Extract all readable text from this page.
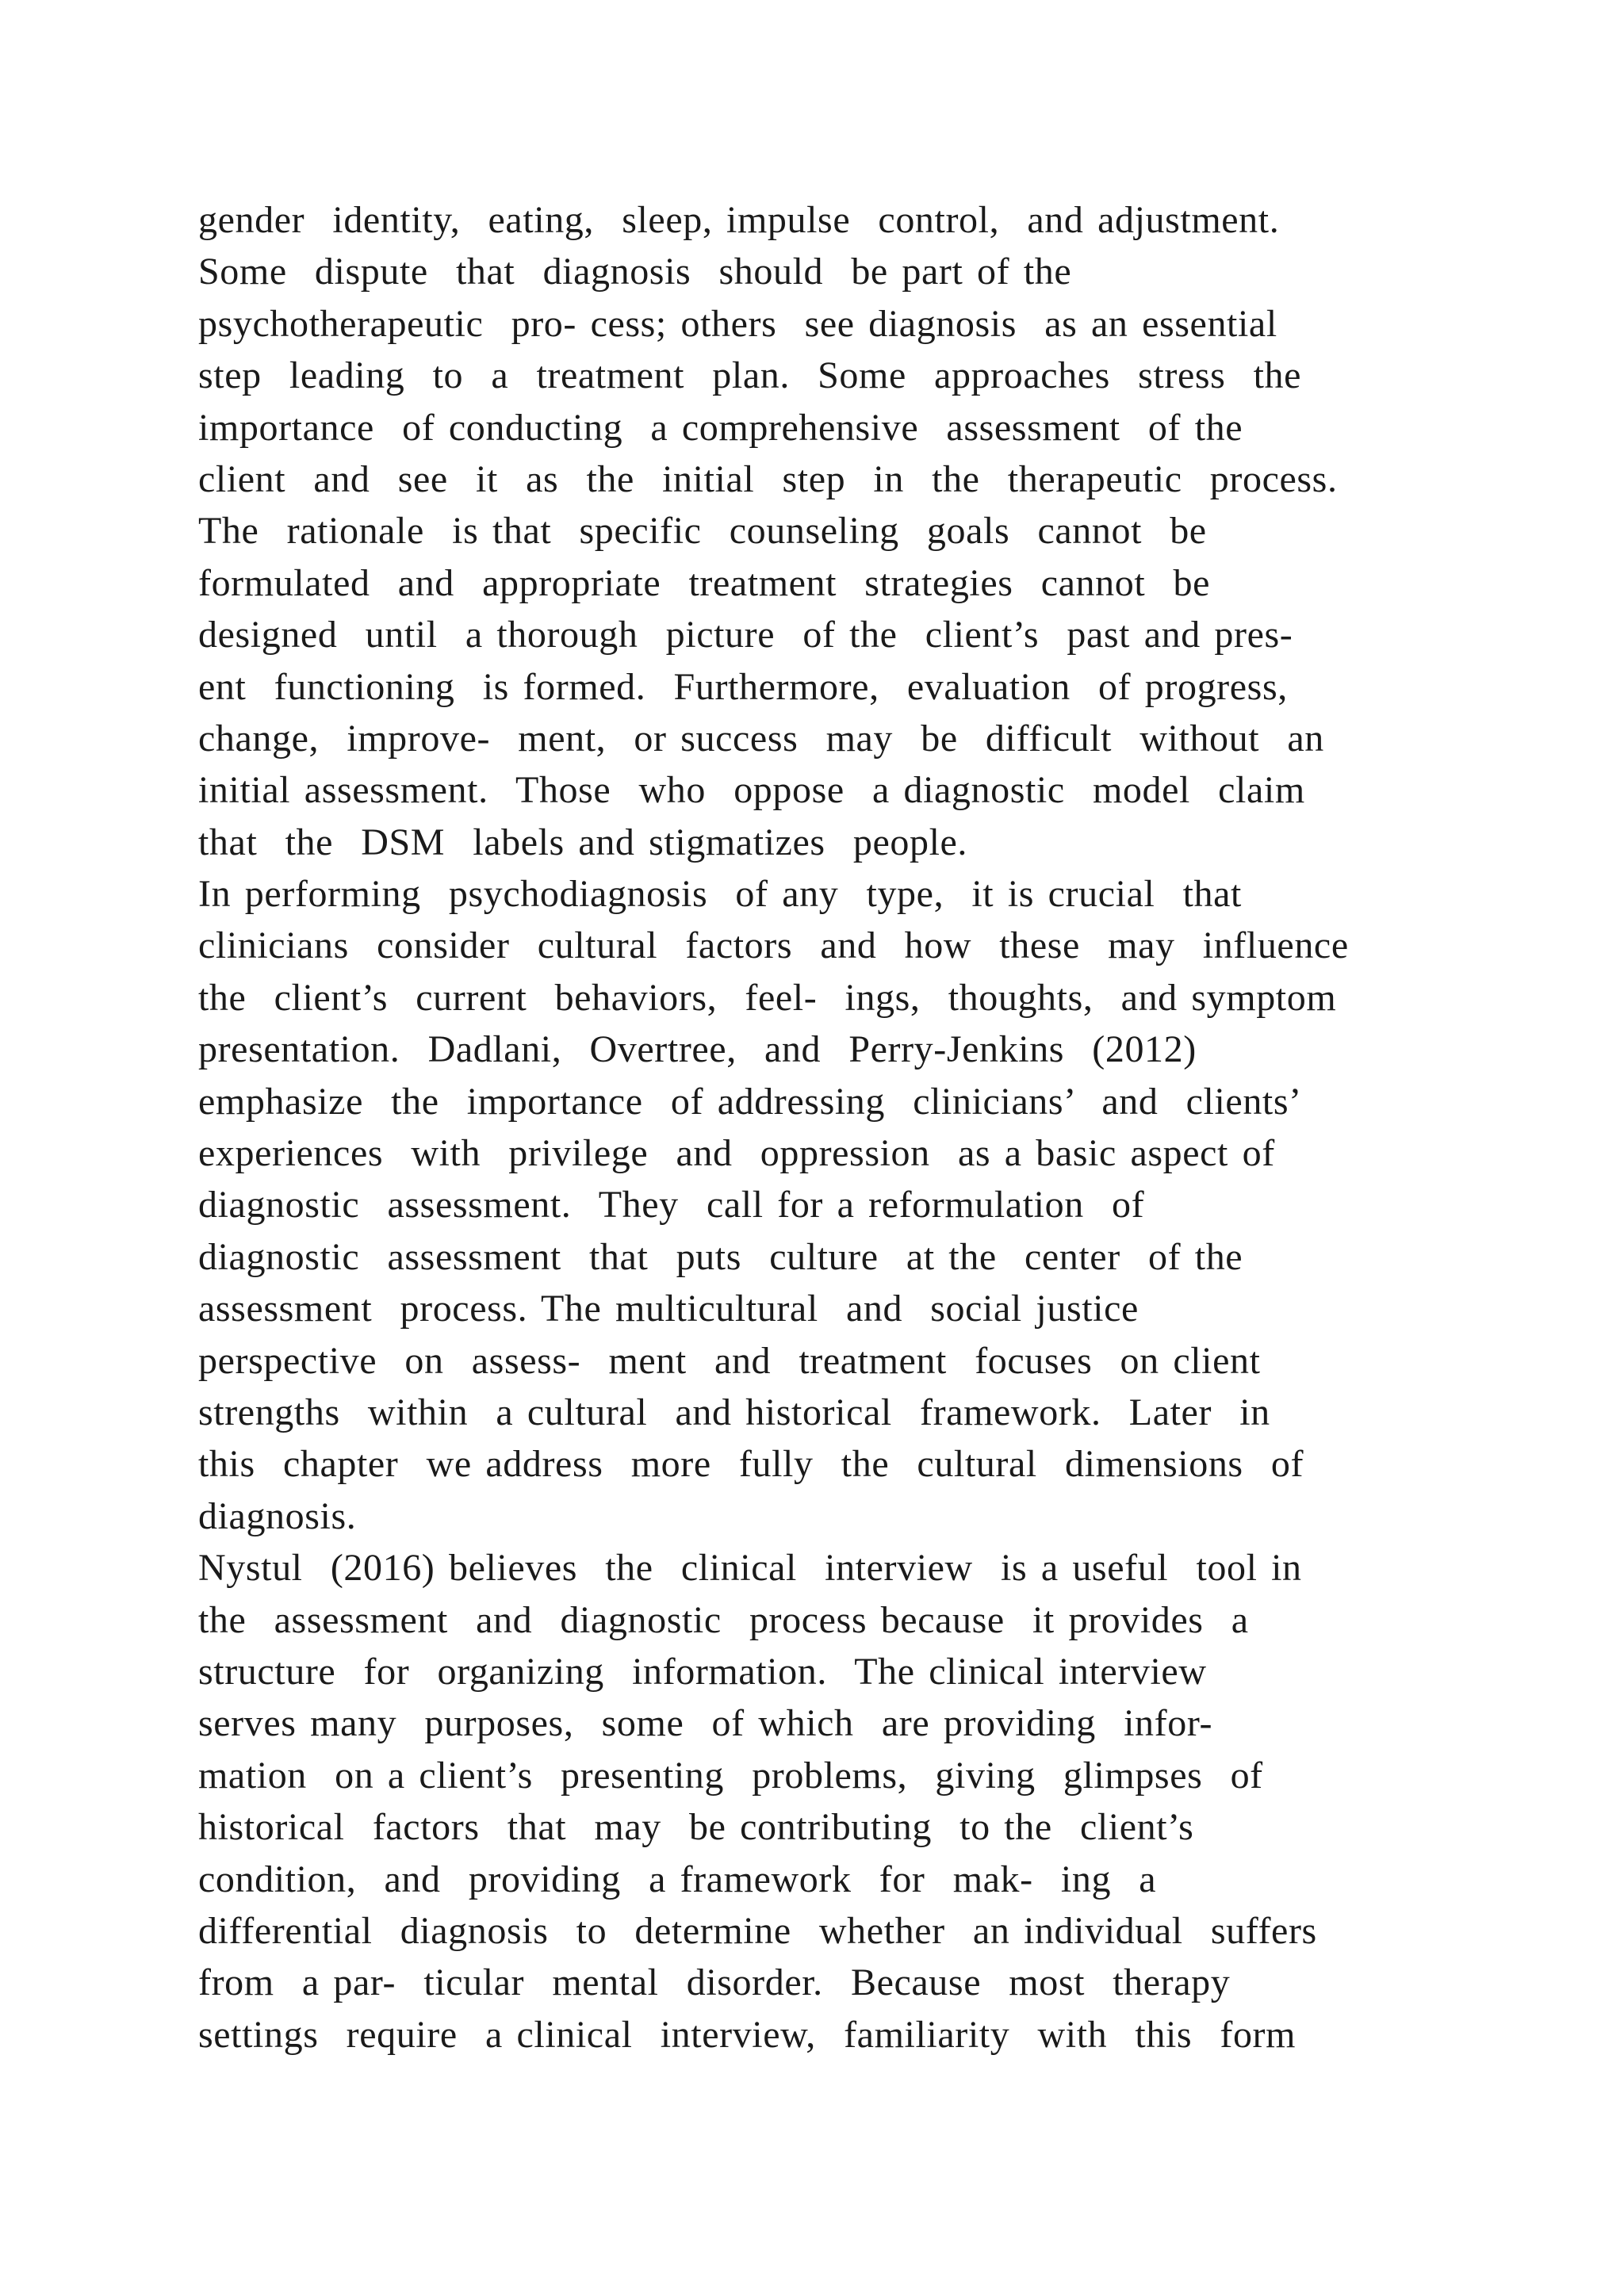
gender  identity,  eating,  sleep, impulse  control,  and adjustment.
Some  dispute  that  diagnosis  should  be part of the
psychotherapeutic  pro- cess; others  see diagnosis  as an essential
step  leading  to  a  treatment  plan.  Some  approaches  stress  the
importance  of conducting  a comprehensive  assessment  of the
client  and  see  it  as  the  initial  step  in  the  therapeutic  process.
The  rationale  is that  specific  counseling  goals  cannot  be
formulated  and  appropriate  treatment  strategies  cannot  be
designed  until  a thorough  picture  of the  client’s  past and pres-
ent  functioning  is formed.  Furthermore,  evaluation  of progress,
change,  improve-  ment,  or success  may  be  difficult  without  an
initial assessment.  Those  who  oppose  a diagnostic  model  claim
that  the  DSM  labels and stigmatizes  people.
In performing  psychodiagnosis  of any  type,  it is crucial  that
clinicians  consider  cultural  factors  and  how  these  may  influence
the  client’s  current  behaviors,  feel-  ings,  thoughts,  and symptom
presentation.  Dadlani,  Overtree,  and  Perry-Jenkins  (2012)
emphasize  the  importance  of addressing  clinicians’  and  clients’
experiences  with  privilege  and  oppression  as a basic aspect of
diagnostic  assessment.  They  call for a reformulation  of
diagnostic  assessment  that  puts  culture  at the  center  of the
assessment  process. The multicultural  and  social justice
perspective  on  assess-  ment  and  treatment  focuses  on client
strengths  within  a cultural  and historical  framework.  Later  in
this  chapter  we address  more  fully  the  cultural  dimensions  of
diagnosis.
Nystul  (2016) believes  the  clinical  interview  is a useful  tool in
the  assessment  and  diagnostic  process because  it provides  a
structure  for  organizing  information.  The clinical interview
serves many  purposes,  some  of which  are providing  infor-
mation  on a client’s  presenting  problems,  giving  glimpses  of
historical  factors  that  may  be contributing  to the  client’s
condition,  and  providing  a framework  for  mak-  ing  a
differential  diagnosis  to  determine  whether  an individual  suffers
from  a par-  ticular  mental  disorder.  Because  most  therapy
settings  require  a clinical  interview,  familiarity  with  this  form
